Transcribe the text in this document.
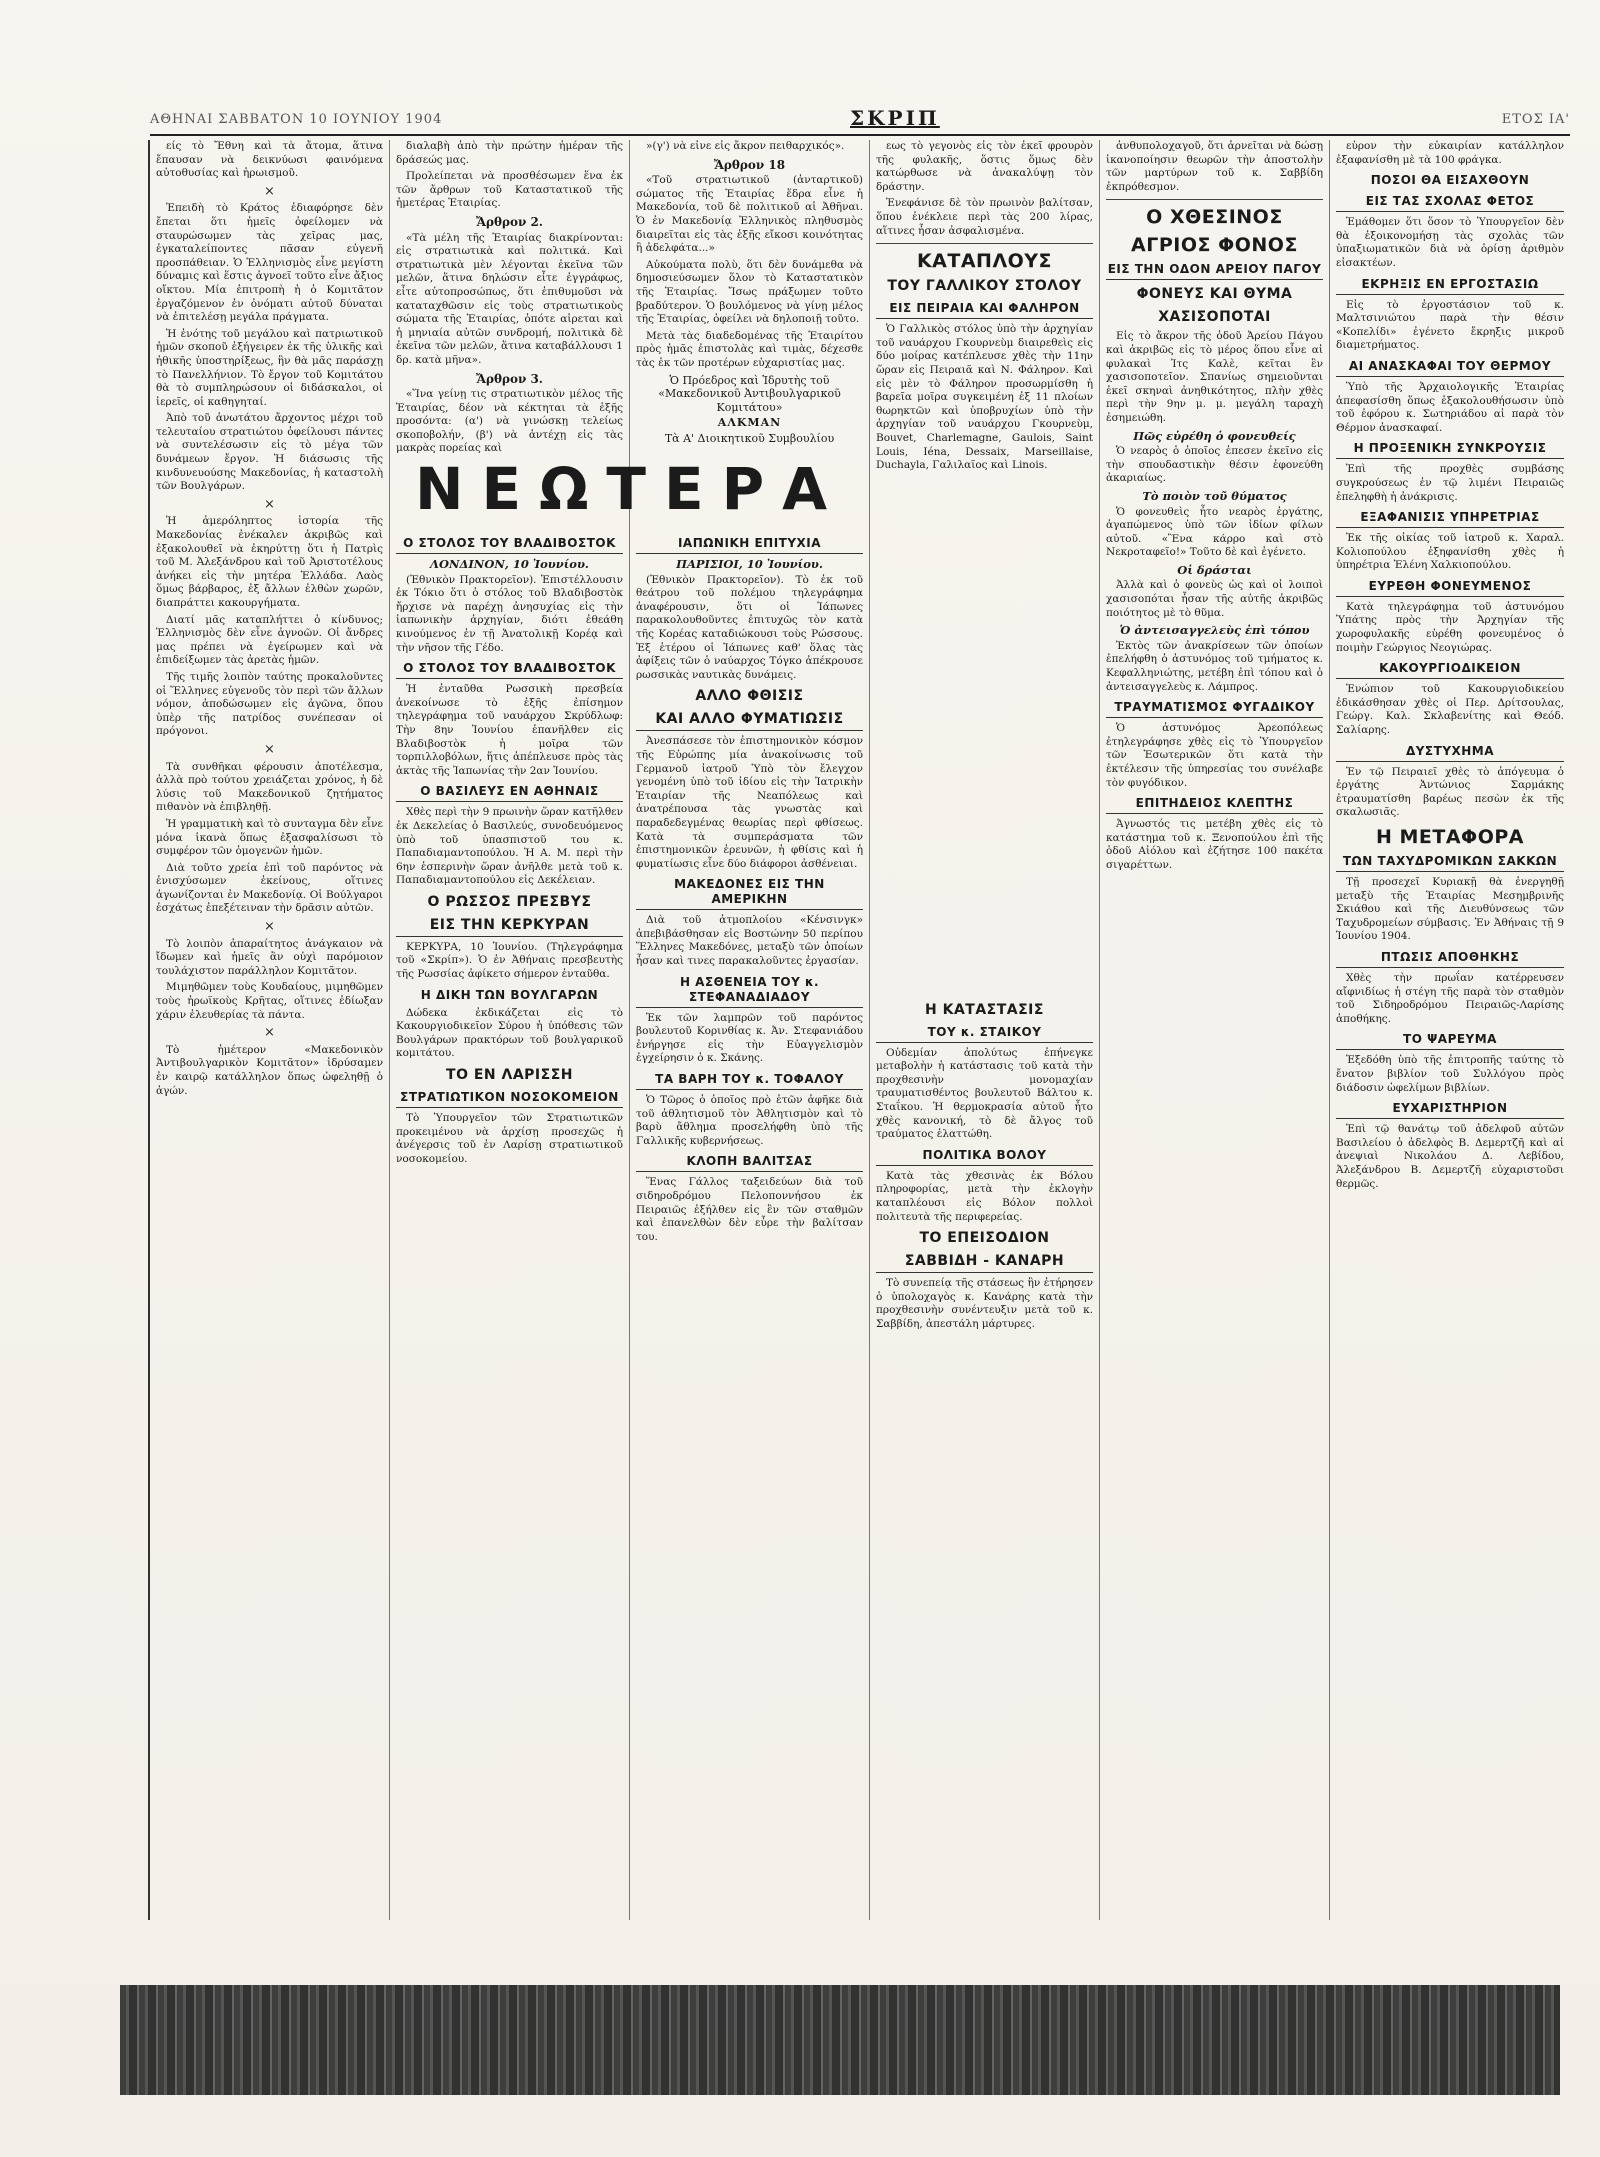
ΑΘΗΝΑΙ ΣΑΒΒΑΤΟΝ 10 ΙΟΥΝΙΟΥ 1904	ΣΚΡΙΠ	ΕΤΟΣ ΙΑ'

είς τὸ Ἔθνη καὶ τὰ ἄτομα, ἅτινα ἔπαυσαν νὰ δεικνύωσι φαινόμενα αὐτοθυσίας καὶ ἡρωισμοῦ.

×

Ἐπειδὴ τὸ Κράτος ἐδιαφόρησε δὲν ἔπεται ὅτι ἡμεῖς ὀφείλομεν νὰ σταυρώσωμεν τὰς χεῖρας μας, ἐγκαταλείποντες πᾶσαν εὐγενῆ προσπάθειαν. Ὁ Ἑλληνισμὸς εἶνε μεγίστη δύναμις καὶ ἕστις ἀγνοεῖ τοῦτο εἶνε ἄξιος οἴκτου. Μία ἐπιτροπὴ ἡ ὁ Κομιτᾶτον ἐργαζόμενον ἐν ὀνόματι αὐτοῦ δύναται νὰ ἐπιτελέσῃ μεγάλα πράγματα.

Ἡ ἐνότης τοῦ μεγάλου καὶ πατριωτικοῦ ἡμῶν σκοποῦ ἐξήγειρεν ἐκ τῆς ὑλικῆς καὶ ἠθικῆς ὑποστηρίξεως, ἣν θὰ μᾶς παράσχῃ τὸ Πανελλήνιον. Τὸ ἔργον τοῦ Κομιτάτου θὰ τὸ συμπληρώσουν οἱ διδάσκαλοι, οἱ ἱερεῖς, οἱ καθηγηταί.

Ἀπὸ τοῦ ἀνωτάτου ἄρχοντος μέχρι τοῦ τελευταίου στρατιώτου ὀφείλουσι πάντες νὰ συντελέσωσιν εἰς τὸ μέγα τῶν δυνάμεων ἔργον. Ἡ διάσωσις τῆς κινδυνευούσης Μακεδονίας, ἡ καταστολὴ τῶν Βουλγάρων.

×

Ἡ ἀμερόληπτος ἱστορία τῆς Μακεδονίας ἐνέκαλεν ἀκριβῶς καὶ ἐξακολουθεῖ νὰ ἐκηρύττῃ ὅτι ἡ Πατρὶς τοῦ Μ. Ἀλεξάνδρου καὶ τοῦ Ἀριστοτέλους ἀνήκει εἰς τὴν μητέρα Ἑλλάδα. Λαὸς ὅμως βάρβαρος, ἐξ ἄλλων ἐλθὼν χωρῶν, διαπράττει κακουργήματα.

Διατί μᾶς καταπλήττει ὁ κίνδυνος; Ἐλληνισμὸς δὲν εἶνε ἀγνοῶν. Οἱ ἄνδρες μας πρέπει νὰ ἐγείρωμεν καὶ νὰ ἐπιδείξωμεν τὰς ἀρετὰς ἡμῶν.

Τῆς τιμῆς λοιπὸν ταύτης προκαλοῦντες οἱ Ἕλληνες εὐγενοῦς τὸν περὶ τῶν ἄλλων νόμον, ἀποδώσωμεν εἰς ἀγῶνα, ὅπου ὑπὲρ τῆς πατρίδος συνέπεσαν οἱ πρόγονοι.

×

Τὰ συνθῆκαι φέρουσιν ἀποτέλεσμα, ἀλλὰ πρὸ τούτου χρειάζεται χρόνος, ἡ δὲ λύσις τοῦ Μακεδονικοῦ ζητήματος πιθανὸν νὰ ἐπιβληθῇ.

Ἡ γραμματικὴ καὶ τὸ συνταγμα δὲν εἶνε μόνα ἱκανὰ ὅπως ἐξασφαλίσωσι τὸ συμφέρον τῶν ὁμογενῶν ἡμῶν.

Διὰ τοῦτο χρεία ἐπὶ τοῦ παρόντος νὰ ἐνισχύσωμεν ἐκείνους, οἵτινες ἀγωνίζονται ἐν Μακεδονίᾳ. Οἱ Βούλγαροι ἐσχάτως ἐπεξέτειναν τὴν δρᾶσιν αὐτῶν.

×

Τὸ λοιπὸν ἀπαραίτητος ἀνάγκαιον νὰ ἴδωμεν καὶ ἡμεῖς ἂν οὐχὶ παρόμοιον τουλάχιστον παράλληλον Κομιτᾶτον.

Μιμηθῶμεν τοὺς Κουδαίους, μιμηθῶμεν τοὺς ἡρωϊκοὺς Κρῆτας, οἵτινες ἐδίωξαν χάριν ἐλευθερίας τὰ πάντα.

×

Τὸ ἡμέτερον «Μακεδονικὸν Ἀντιβουλγαρικὸν Κομιτᾶτον» ἱδρύσαμεν ἐν καιρῷ κατάλληλον ὅπως ὠφεληθῇ ὁ ἀγών.

διαλαβὴ ἀπὸ τὴν πρώτην ἡμέραν τῆς δράσεώς μας.

Προλείπεται νὰ προσθέσωμεν ἕνα ἐκ τῶν ἄρθρων τοῦ Καταστατικοῦ τῆς ἡμετέρας Ἑταιρίας.

Ἄρθρον 2.

«Τὰ μέλη τῆς Ἑταιρίας διακρίνονται: εἰς στρατιωτικὰ καὶ πολιτικά. Καὶ στρατιωτικὰ μὲν λέγονται ἐκεῖνα τῶν μελῶν, ἅτινα δηλώσιν εἶτε ἐγγράφως, εἶτε αὐτοπροσώπως, ὅτι ἐπιθυμοῦσι νὰ καταταχθῶσιν εἰς τοὺς στρατιωτικοὺς σώματα τῆς Ἑταιρίας, ὁπότε αἱρεται καὶ ἡ μηνιαία αὐτῶν συνδρομή, πολιτικὰ δὲ ἐκεῖνα τῶν μελῶν, ἅτινα καταβάλλουσι 1 δρ. κατὰ μῆνα».

Ἄρθρον 3.

«Ἵνα γείνῃ τις στρατιωτικὸν μέλος τῆς Ἑταιρίας, δέον νὰ κέκτηται τὰ ἑξῆς προσόντα: (α') νὰ γινώσκῃ τελείως σκοποβολήν, (β') νὰ ἀντέχῃ εἰς τὰς μακρὰς πορείας καὶ

»(γ') νὰ εἶνε εἰς ἄκρον πειθαρχικός».

Ἄρθρον 18

«Τοῦ στρατιωτικοῦ (ἀνταρτικοῦ) σώματος τῆς Ἑταιρίας ἕδρα εἶνε ἡ Μακεδονία, τοῦ δὲ πολιτικοῦ αἱ Ἀθῆναι. Ὁ ἐν Μακεδονίᾳ Ἑλληνικὸς πληθυσμὸς διαιρεῖται εἰς τὰς ἑξῆς εἴκοσι κοινότητας ἢ ἀδελφάτα...»

Αὐκούματα πολὺ, ὅτι δὲν δυνάμεθα νὰ δημοσιεύσωμεν ὅλον τὸ Καταστατικὸν τῆς Ἑταιρίας. Ἴσως πράξωμεν τοῦτο βραδύτερον. Ὁ βουλόμενος νὰ γίνῃ μέλος τῆς Ἑταιρίας, ὀφείλει νὰ δηλοποιῇ τοῦτο.

Μετὰ τὰς διαδεδομένας τῆς Ἑταιρίτου πρὸς ἡμᾶς ἐπιστολὰς καὶ τιμὰς, δέχεσθε τὰς ἐκ τῶν προτέρων εὐχαριστίας μας.

Ὁ Πρόεδρος καὶ Ἱδρυτὴς τοῦ «Μακεδονικοῦ Ἀντιβουλγαρικοῦ Κομιτάτου»
ΑΛΚΜΑΝ
Τὰ Α' Διοικητικοῦ Συμβουλίου
ΝΕΩΤΕΡΑ
Ο ΣΤΟΛΟΣ ΤΟΥ ΒΛΑΔΙΒΟΣΤΟΚ
ΛΟΝΔΙΝΟΝ, 10 Ἰουνίου.

(Ἐθνικὸν Πρακτορεῖον). Ἐπιστέλλουσιν ἐκ Τόκιο ὅτι ὁ στόλος τοῦ Βλαδιβοστὸκ ἤρχισε νὰ παρέχῃ ἀνησυχίας εἰς τὴν ἰαπωνικὴν ἀρχηγίαν, διότι ἐθεάθη κινούμενος ἐν τῇ Ἀνατολικῇ Κορέᾳ καὶ τὴν νῆσον τῆς Γέδο.

Ο ΣΤΟΛΟΣ ΤΟΥ ΒΛΑΔΙΒΟΣΤΟΚ

Ἡ ἐνταῦθα Ρωσσικὴ πρεσβεία ἀνεκοίνωσε τὸ ἑξῆς ἐπίσημον τηλεγράφημα τοῦ ναυάρχου Σκρύδλωφ: Τὴν 8ην Ἰουνίου ἐπανῆλθεν εἰς Βλαδιβοστὸκ ἡ μοῖρα τῶν τορπιλλοβόλων, ἥτις ἀπέπλευσε πρὸς τὰς ἀκτὰς τῆς Ἰαπωνίας τὴν 2αν Ἰουνίου.

Ο ΒΑΣΙΛΕΥΣ ΕΝ ΑΘΗΝΑΙΣ

Χθὲς περὶ τὴν 9 πρωινὴν ὥραν κατῆλθεν ἐκ Δεκελείας ὁ Βασιλεύς, συνοδευόμενος ὑπὸ τοῦ ὑπασπιστοῦ του κ. Παπαδιαμαντοπούλου. Ἡ Α. Μ. περὶ τὴν 6ην ἑσπερινὴν ὥραν ἀνῆλθε μετὰ τοῦ κ. Παπαδιαμαντοπούλου εἰς Δεκέλειαν.

Ο ΡΩΣΣΟΣ ΠΡΕΣΒΥΣ
ΕΙΣ ΤΗΝ ΚΕΡΚΥΡΑΝ

ΚΕΡΚΥΡΑ, 10 Ἰουνίου. (Τηλεγράφημα τοῦ «Σκρίπ»). Ὁ ἐν Ἀθήναις πρεσβευτὴς τῆς Ρωσσίας ἀφίκετο σήμερον ἐνταῦθα.

Η ΔΙΚΗ ΤΩΝ ΒΟΥΛΓΑΡΩΝ

Δώδεκα ἐκδικάζεται εἰς τὸ Κακουργιοδικεῖον Σύρου ἡ ὑπόθεσις τῶν Βουλγάρων πρακτόρων τοῦ βουλγαρικοῦ κομιτάτου.

ΤΟ ΕΝ ΛΑΡΙΣΣΗ
ΣΤΡΑΤΙΩΤΙΚΟΝ ΝΟΣΟΚΟΜΕΙΟΝ

Τὸ Ὑπουργεῖον τῶν Στρατιωτικῶν προκειμένου νὰ ἀρχίσῃ προσεχῶς ἡ ἀνέγερσις τοῦ ἐν Λαρίσῃ στρατιωτικοῦ νοσοκομείου.

ΙΑΠΩΝΙΚΗ ΕΠΙΤΥΧΙΑ
ΠΑΡΙΣΙΟΙ, 10 Ἰουνίου.

(Ἐθνικὸν Πρακτορεῖον). Τὸ ἐκ τοῦ θεάτρου τοῦ πολέμου τηλεγράφημα ἀναφέρουσιν, ὅτι οἱ Ἰάπωνες παρακολουθοῦντες ἐπιτυχῶς τὸν κατὰ τῆς Κορέας καταδιώκουσι τοὺς Ρώσσους. Ἐξ ἑτέρου οἱ Ἰάπωνες καθ' ὅλας τὰς ἀφίξεις τῶν ὁ ναύαρχος Τόγκο ἀπέκρουσε ρωσσικὰς ναυτικὰς δυνάμεις.

ΑΛΛΟ ΦΘΙΣΙΣ
ΚΑΙ ΑΛΛΟ ΦΥΜΑΤΙΩΣΙΣ

Ἀνεσπάσεσε τὸν ἐπιστημονικὸν κόσμον τῆς Εὐρώπης μία ἀνακοίνωσις τοῦ Γερμανοῦ ἰατροῦ Ὑπὸ τὸν ἔλεγχον γενομένη ὑπὸ τοῦ ἰδίου εἰς τὴν Ἰατρικὴν Ἑταιρίαν τῆς Νεαπόλεως καὶ ἀνατρέπουσα τὰς γνωστὰς καὶ παραδεδεγμένας θεωρίας περὶ φθίσεως. Κατὰ τὰ συμπεράσματα τῶν ἐπιστημονικῶν ἐρευνῶν, ἡ φθίσις καὶ ἡ φυματίωσις εἶνε δύο διάφοροι ἀσθένειαι.

ΜΑΚΕΔΟΝΕΣ ΕΙΣ ΤΗΝ ΑΜΕΡΙΚΗΝ

Διὰ τοῦ ἀτμοπλοίου «Κένσινγκ» ἀπεβιβάσθησαν εἰς Βοστώνην 50 περίπου Ἕλληνες Μακεδόνες, μεταξὺ τῶν ὁποίων ἦσαν καὶ τινες παρακαλοῦντες ἐργασίαν.

Η ΑΣΘΕΝΕΙΑ ΤΟΥ κ. ΣΤΕΦΑΝΑΔΙΑΔΟΥ

Ἐκ τῶν λαμπρῶν τοῦ παρόντος βουλευτοῦ Κορινθίας κ. Ἀν. Στεφανιάδου ἐνήργησε εἰς τὴν Εὐαγγελισμὸν ἐγχείρησιν ὁ κ. Σκάνης.

ΤΑ ΒΑΡΗ ΤΟΥ κ. ΤΟΦΑΛΟΥ

Ὁ Τῶρος ὁ ὁποῖος πρὸ ἐτῶν ἀφῆκε διὰ τοῦ ἀθλητισμοῦ τὸν Ἀθλητισμὸν καὶ τὸ βαρὺ ἄθλημα προσελήφθη ὑπὸ τῆς Γαλλικῆς κυβερνήσεως.

ΚΛΟΠΗ ΒΑΛΙΤΣΑΣ

Ἕνας Γάλλος ταξειδεύων διὰ τοῦ σιδηροδρόμου Πελοποννήσου ἐκ Πειραιῶς ἐξήλθεν εἰς ἓν τῶν σταθμῶν καὶ ἐπανελθὼν δὲν εὗρε τὴν βαλίτσαν του.

εως τὸ γεγονὸς εἰς τὸν ἐκεῖ φρουρὸν τῆς φυλακῆς, ὅστις ὅμως δὲν κατώρθωσε νὰ ἀνακαλύψῃ τὸν δράστην.

Ἐνεφάνισε δὲ τὸν πρωινὸν βαλίτσαν, ὅπου ἐνέκλειε περὶ τὰς 200 λίρας, αἵτινες ἦσαν ἀσφαλισμένα.

ΚΑΤΑΠΛΟΥΣ
ΤΟΥ ΓΑΛΛΙΚΟΥ ΣΤΟΛΟΥ
ΕΙΣ ΠΕΙΡΑΙΑ ΚΑΙ ΦΑΛΗΡΟΝ

Ὁ Γαλλικὸς στόλος ὑπὸ τὴν ἀρχηγίαν τοῦ ναυάρχου Γκουρνεὺμ διαιρεθεὶς εἰς δύο μοίρας κατέπλευσε χθὲς τὴν 11ην ὥραν εἰς Πειραιᾶ καὶ Ν. Φάληρον. Καὶ εἰς μὲν τὸ Φάληρον προσωρμίσθη ἡ βαρεῖα μοῖρα συγκειμένη ἐξ 11 πλοίων θωρηκτῶν καὶ ὑποβρυχίων ὑπὸ τὴν ἀρχηγίαν τοῦ ναυάρχου Γκουρνεὺμ, Bouvet, Charlemagne, Gaulois, Saint Louis, Iéna, Dessaix, Marseillaise, Duchayla, Γαλιλαῖος καὶ Linois.

Η ΚΑΤΑΣΤΑΣΙΣ
ΤΟΥ κ. ΣΤΑΙΚΟΥ

Οὐδεμίαν ἀπολύτως ἐπήνεγκε μεταβολὴν ἡ κατάστασις τοῦ κατὰ τὴν προχθεσινὴν μονομαχίαν τραυματισθέντος βουλευτοῦ Βάλτου κ. Σταΐκου. Ἡ θερμοκρασία αὐτοῦ ἦτο χθὲς κανονική, τὸ δὲ ἄλγος τοῦ τραύματος ἐλαττώθη.

ΠΟΛΙΤΙΚΑ ΒΟΛΟΥ

Κατὰ τὰς χθεσινὰς ἐκ Βόλου πληροφορίας, μετὰ τὴν ἐκλογὴν καταπλέουσι εἰς Βόλον πολλοὶ πολιτευτὰ τῆς περιφερείας.

ΤΟ ΕΠΕΙΣΟΔΙΟΝ
ΣΑΒΒΙΔΗ - ΚΑΝΑΡΗ

Τὸ συνεπείᾳ τῆς στάσεως ἣν ἐτήρησεν ὁ ὑπολοχαγὸς κ. Κανάρης κατὰ τὴν προχθεσινὴν συνέντευξιν μετὰ τοῦ κ. Σαββίδη, ἀπεστάλη μάρτυρες.

ἀνθυπολοχαγοῦ, ὅτι ἀρνεῖται νὰ δώσῃ ἱκανοποίησιν θεωρῶν τὴν ἀποστολὴν τῶν μαρτύρων τοῦ κ. Σαββίδη ἐκπρόθεσμον.

Ο ΧΘΕΣΙΝΟΣ
ΑΓΡΙΟΣ ΦΟΝΟΣ
ΕΙΣ ΤΗΝ ΟΔΟΝ ΑΡΕΙΟΥ ΠΑΓΟΥ
ΦΟΝΕΥΣ ΚΑΙ ΘΥΜΑ
ΧΑΣΙΣΟΠΟΤΑΙ

Εἰς τὸ ἄκρον τῆς ὁδοῦ Ἀρείου Πάγου καὶ ἀκριβῶς εἰς τὸ μέρος ὅπου εἶνε αἱ φυλακαὶ Ἰτς Καλὲ, κεῖται ἓν χασισοποτεῖον. Σπανίως σημειοῦνται ἐκεῖ σκηναὶ ἀνηθικότητος, πλὴν χθὲς περὶ τὴν 9ην μ. μ. μεγάλη ταραχὴ ἐσημειώθη.

Πῶς εὑρέθη ὁ φονευθείς

Ὁ νεαρὸς ὁ ὁποῖος ἐπεσεν ἐκεῖνο εἰς τὴν σπουδαστικὴν θέσιν ἐφονεύθη ἀκαριαίως.

Τὸ ποιὸν τοῦ θύματος

Ὁ φονευθεὶς ἦτο νεαρὸς ἐργάτης, ἀγαπώμενος ὑπὸ τῶν ἰδίων φίλων αὐτοῦ. «Ἓνα κάρρο καὶ στὸ Νεκροταφεῖο!» Τοῦτο δὲ καὶ ἐγένετο.

Οἱ δράσται

Ἀλλὰ καὶ ὁ φονεὺς ὡς καὶ οἱ λοιποὶ χασισοπόται ἦσαν τῆς αὐτῆς ἀκριβῶς ποιότητος μὲ τὸ θῦμα.

Ὁ ἀντεισαγγελεὺς ἐπὶ τόπου

Ἐκτὸς τῶν ἀνακρίσεων τῶν ὁποίων ἐπελήφθη ὁ ἀστυνόμος τοῦ τμήματος κ. Κεφαλληνιώτης, μετέβη ἐπὶ τόπου καὶ ὁ ἀντεισαγγελεὺς κ. Λάμπρος.

ΤΡΑΥΜΑΤΙΣΜΟΣ ΦΥΓΑΔΙΚΟΥ

Ὁ ἀστυνόμος Ἀρεοπόλεως ἐτηλεγράφησε χθὲς εἰς τὸ Ὑπουργεῖον τῶν Ἐσωτερικῶν ὅτι κατὰ τὴν ἐκτέλεσιν τῆς ὑπηρεσίας του συνέλαβε τὸν φυγόδικον.

ΕΠΙΤΗΔΕΙΟΣ ΚΛΕΠΤΗΣ

Ἀγνωστός τις μετέβη χθὲς εἰς τὸ κατάστημα τοῦ κ. Ξενοπούλου ἐπὶ τῆς ὁδοῦ Αἰόλου καὶ ἐζήτησε 100 πακέτα σιγαρέττων.

εὑρον τὴν εὐκαιρίαν κατάλληλον ἐξαφανίσθη μὲ τὰ 100 φράγκα.

ΠΟΣΟΙ ΘΑ ΕΙΣΑΧΘΟΥΝ
ΕΙΣ ΤΑΣ ΣΧΟΛΑΣ ΦΕΤΟΣ

Ἐμάθομεν ὅτι ὅσον τὸ Ὑπουργεῖον δὲν θὰ ἐξοικονομήσῃ τὰς σχολὰς τῶν ὑπαξιωματικῶν διὰ νὰ ὁρίσῃ ἀριθμὸν εἰσακτέων.

ΕΚΡΗΞΙΣ ΕΝ ΕΡΓΟΣΤΑΣΙΩ

Εἰς τὸ ἐργοστάσιον τοῦ κ. Μαλτσινιώτου παρὰ τὴν θέσιν «Κοπελίδι» ἐγένετο ἔκρηξις μικροῦ διαμετρήματος.

ΑΙ ΑΝΑΣΚΑΦΑΙ ΤΟΥ ΘΕΡΜΟΥ

Ὑπὸ τῆς Ἀρχαιολογικῆς Ἑταιρίας ἀπεφασίσθη ὅπως ἐξακολουθήσωσιν ὑπὸ τοῦ ἐφόρου κ. Σωτηριάδου αἱ παρὰ τὸν Θέρμον ἀνασκαφαί.

Η ΠΡΟΞΕΝΙΚΗ ΣΥΝΚΡΟΥΣΙΣ

Ἐπὶ τῆς προχθὲς συμβάσης συγκρούσεως ἐν τῷ λιμένι Πειραιῶς ἐπεληφθὴ ἡ ἀνάκρισις.

ΕΞΑΦΑΝΙΣΙΣ ΥΠΗΡΕΤΡΙΑΣ

Ἐκ τῆς οἰκίας τοῦ ἰατροῦ κ. Χαραλ. Κολιοπούλου ἐξηφανίσθη χθὲς ἡ ὑπηρέτρια Ἑλένη Χαλκιοπούλου.

ΕΥΡΕΘΗ ΦΟΝΕΥΜΕΝΟΣ

Κατὰ τηλεγράφημα τοῦ ἀστυνόμου Ὑπάτης πρὸς τὴν Ἀρχηγίαν τῆς χωροφυλακῆς εὑρέθη φονευμένος ὁ ποιμὴν Γεώργιος Νεογιώρας.

ΚΑΚΟΥΡΓΙΟΔΙΚΕΙΟΝ

Ἐνώπιον τοῦ Κακουργιοδικείου ἐδικάσθησαν χθὲς οἱ Περ. Δρίτσουλας, Γεώργ. Καλ. Σκλαβενίτης καὶ Θεόδ. Σαλίαρης.

ΔΥΣΤΥΧΗΜΑ

Ἐν τῷ Πειραιεῖ χθὲς τὸ ἀπόγευμα ὁ ἐργάτης Ἀντώνιος Σαρμάκης ἐτραυματίσθη βαρέως πεσὼν ἐκ τῆς σκαλωσιᾶς.

Η ΜΕΤΑΦΟΡΑ
ΤΩΝ ΤΑΧΥΔΡΟΜΙΚΩΝ ΣΑΚΚΩΝ

Τῇ προσεχεῖ Κυριακῇ θὰ ἐνεργηθῇ μεταξὺ τῆς Ἑταιρίας Μεσημβρινῆς Σκιάθου καὶ τῆς Διευθύνσεως τῶν Ταχυδρομείων σύμβασις. Ἐν Ἀθήναις τῇ 9 Ἰουνίου 1904.

ΠΤΩΣΙΣ ΑΠΟΘΗΚΗΣ

Χθὲς τὴν πρωΐαν κατέρρευσεν αἴφνιδίως ἡ στέγη τῆς παρὰ τὸν σταθμὸν τοῦ Σιδηροδρόμου Πειραιῶς-Λαρίσης ἀποθήκης.

ΤΟ ΨΑΡΕΥΜΑ

Ἐξεδόθη ὑπὸ τῆς ἐπιτροπῆς ταύτης τὸ ἔνατον βιβλίον τοῦ Συλλόγου πρὸς διάδοσιν ὠφελίμων βιβλίων.

ΕΥΧΑΡΙΣΤΗΡΙΟΝ

Ἐπὶ τῷ θανάτῳ τοῦ ἀδελφοῦ αὐτῶν Βασιλείου ὁ ἀδελφὸς Β. Δεμερτζῆ καὶ αἱ ἀνεψιαὶ Νικολάου Δ. Λεβίδου, Ἀλεξάνδρου Β. Δεμερτζῆ εὐχαριστοῦσι θερμῶς.
